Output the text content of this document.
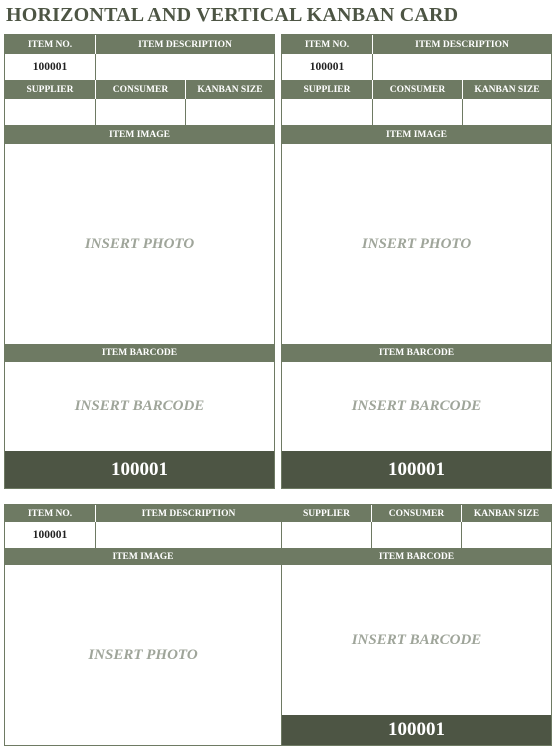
HORIZONTAL AND VERTICAL KANBAN CARD
ITEM NO.	ITEM DESCRIPTION
100001
SUPPLIER	CONSUMER	KANBAN SIZE
ITEM IMAGE
INSERT PHOTO
ITEM BARCODE
INSERT BARCODE
100001
ITEM NO.	ITEM DESCRIPTION
100001
SUPPLIER	CONSUMER	KANBAN SIZE
ITEM IMAGE
INSERT PHOTO
ITEM BARCODE
INSERT BARCODE
100001
ITEM NO.	ITEM DESCRIPTION
100001
ITEM IMAGE
INSERT PHOTO
SUPPLIER	CONSUMER	KANBAN SIZE
ITEM BARCODE
INSERT BARCODE
100001
